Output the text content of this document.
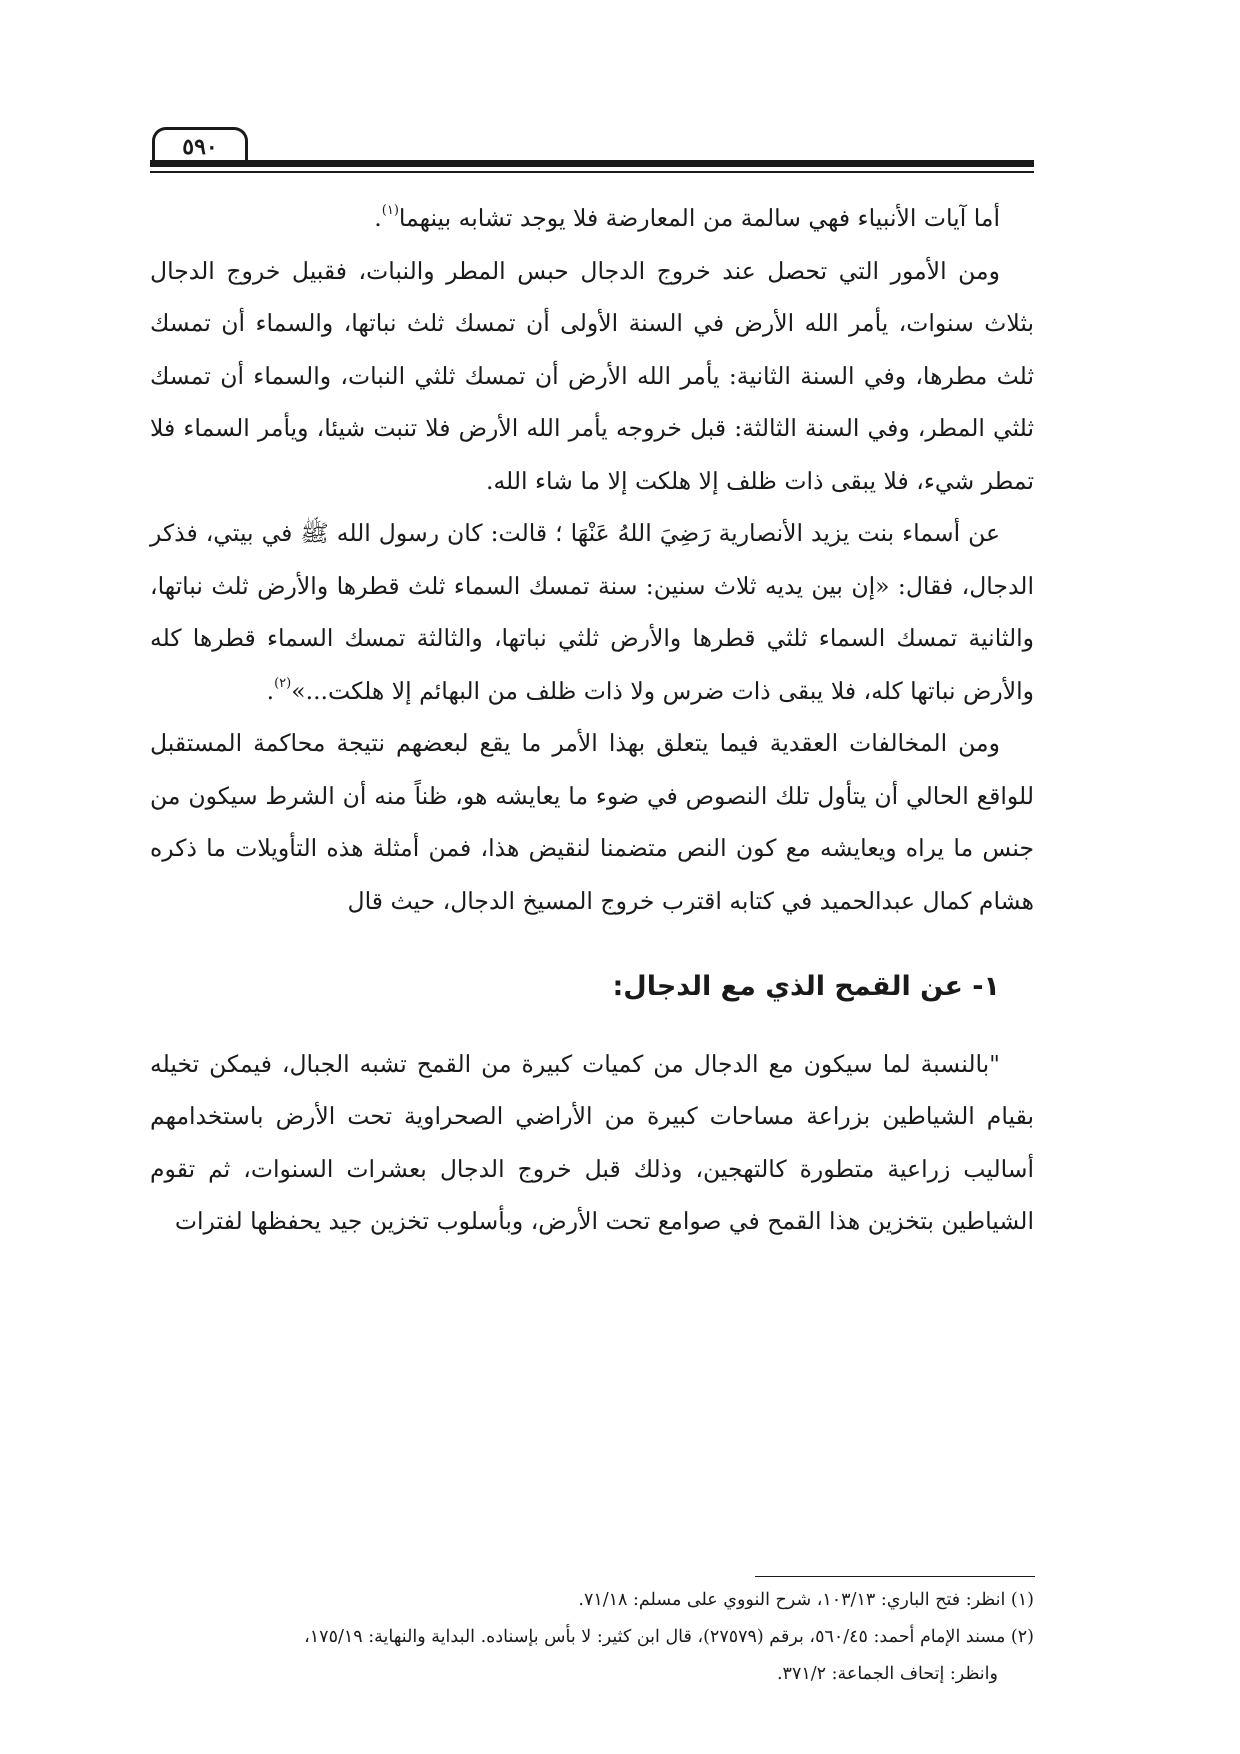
٥٩٠

أما آيات الأنبياء فهي سالمة من المعارضة فلا يوجد تشابه بينهما$^{(١)}$.

ومن الأمور التي تحصل عند خروج الدجال حبس المطر والنبات، فقبيل خروج الدجال بثلاث سنوات، يأمر الله الأرض في السنة الأولى أن تمسك ثلث نباتها، والسماء أن تمسك ثلث مطرها، وفي السنة الثانية: يأمر الله الأرض أن تمسك ثلثي النبات، والسماء أن تمسك ثلثي المطر، وفي السنة الثالثة: قبل خروجه يأمر الله الأرض فلا تنبت شيئا، ويأمر السماء فلا تمطر شيء، فلا يبقى ذات ظلف إلا هلكت إلا ما شاء الله.

عن أسماء بنت يزيد الأنصارية رَضِيَ اللهُ عَنْهَا ؛ قالت: كان رسول الله ﷺ في بيتي، فذكر الدجال، فقال: «إن بين يديه ثلاث سنين: سنة تمسك السماء ثلث قطرها والأرض ثلث نباتها، والثانية تمسك السماء ثلثي قطرها والأرض ثلثي نباتها، والثالثة تمسك السماء قطرها كله والأرض نباتها كله، فلا يبقى ذات ضرس ولا ذات ظلف من البهائم إلا هلكت...»$^{(٢)}$.

ومن المخالفات العقدية فيما يتعلق بهذا الأمر ما يقع لبعضهم نتيجة محاكمة المستقبل للواقع الحالي أن يتأول تلك النصوص في ضوء ما يعايشه هو، ظناً منه أن الشرط سيكون من جنس ما يراه ويعايشه مع كون النص متضمنا لنقيض هذا، فمن أمثلة هذه التأويلات ما ذكره هشام كمال عبدالحميد في كتابه اقترب خروج المسيخ الدجال، حيث قال

١- عن القمح الذي مع الدجال:

"بالنسبة لما سيكون مع الدجال من كميات كبيرة من القمح تشبه الجبال، فيمكن تخيله بقيام الشياطين بزراعة مساحات كبيرة من الأراضي الصحراوية تحت الأرض باستخدامهم أساليب زراعية متطورة كالتهجين، وذلك قبل خروج الدجال بعشرات السنوات، ثم تقوم الشياطين بتخزين هذا القمح في صوامع تحت الأرض، وبأسلوب تخزين جيد يحفظها لفترات

(١) انظر: فتح الباري: ١٠٣/١٣، شرح النووي على مسلم: ٧١/١٨.

(٢) مسند الإمام أحمد: ٥٦٠/٤٥، برقم (٢٧٥٧٩)، قال ابن كثير: لا بأس بإسناده. البداية والنهاية: ١٧٥/١٩،

وانظر: إتحاف الجماعة: ٣٧١/٢.
